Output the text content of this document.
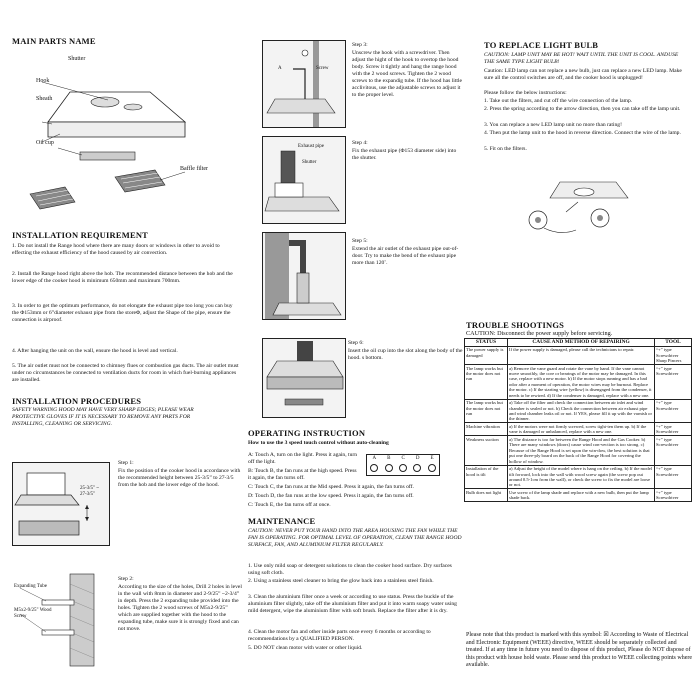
MAIN PARTS NAME
Shutter
Hook
Sheath
Oil cup
Baffle filter
INSTALLATION REQUIREMENT
1. Do not install the Range hood where there are many doors or windows in other to avoid to effecting the exhaust efficiency of the hood caused by air convection.
2. Install the Range hood right above the hob. The recommended distance between the hob and the lower edge of the cooker hood is minimum 650mm and maximum 700mm.
3. In order to get the optimum performance, do not elongate the exhaust pipe too long you can buy the Φ153mm or 6”diameter exhaust pipe from the storeΦ, adjust the Shape of the pipe, ensure the connection is airproof.
4. After hanging the unit on the wall, ensure the hood is level and vertical.
5. The air outlet must not be connected to chimney flues or combustion gas ducts. The air outlet must under no circumstances be connected to ventilation ducts for room in which fuel-burning appliances are installed.
INSTALLATION PROCEDURES
SAFETY WARNING HOOD MAY HAVE VERY SHARP EDGES; PLEASE WEAR PROTECTIVE GLOVES IF IT IS NECESSARY TO REMOVE ANY PARTS FOR INSTALLING, CLEANING OR SERVICING.
25-3/5" ~ 27-3/5"
Step 1:
Fix the position of the cooker hood in accordance with the recommended height between 25-3/5” to 27-3/5 from the hob and the lower edge of the hood.
Expanding Tube
M5x2-9/25" Wood Screw
Step 2:
According to the size of the holes, Drill 2 holes in level in the wall with 8mm in diameter and 2-9/25” ~2-3/4” in depth. Press the 2 expanding tube provided into the holes. Tighten the 2 wood screws of M5x2-9/25” which are supplied together with the hood to the expanding tube, make sure it is strongly fixed and can not move.
Screw
A
Step 3:
Unscrew the hook with a screwdriver. Then adjust the hight of the hook to overtop the hood body. Screw it tightly and hang the range hood with the 2 wood screws. Tighten the 2 wood screws to the expandig tube. If the hood has little acclivitous, use the adjustable screws to adjust it to the proper level.
Exhaust pipe
Shutter
Step 4:
Fix the exhaust pipe (Φ153 diameter side) into the shutter.
Step 5:
Extend the air outlet of the exhaust pipe out-of-door. Try to make the bend of the exhaust pipe more than 120˚.
Step 6:
Insert the oil cup into the slot along the body of the hood. s bottom.
OPERATING INSTRUCTION
How to use the 3 speed touch control without auto-cleaning
A: Touch A, turn on the light. Press it again, turn off the light.
B: Touch B, the fan runs at the high speed. Press it again, the fan turns off.
C: Touch C, the fan runs at the Mid speed. Press it again, the fan turns off.
D: Touch D, the fan runs at the low speed. Press it again, the fan turns off.
C: Touch E, the fan turns off at once.
A B C D E
MAINTENANCE
CAUTION: NEVER PUT YOUR HAND INTO THE AREA HOUSING THE FAN WHILE THE FAN IS OPERATING. FOR OPTIMAL LEVEL OF OPERATION, CLEAN THE RANGE HOOD SURFACE, FAN, AND ALUMINIUM FILTER REGULARLY.
1. Use only mild soap or detergent solutions to clean the cooker hood surface. Dry surfaces using soft cloth.
2. Using a stainless steel cleaner to bring the glow back into a stainless steel finish.
3. Clean the aluminium filter once a week or according to use status. Press the buckle of the aluminium filter slightly, take off the aluminium filter and put it into warm soapy water using mild detergent, wipe the aluminium filter with soft brush. Replace the filter after it is dry.
4. Clean the motor fan and other inside parts once every 6 months or according to recommendations by a QUALIFIED PERSON.
5. DO NOT clean motor with water or other liquid.
TO REPLACE LIGHT BULB
CAUTION: LAMP UNIT MAY BE HOT! WAIT UNTIL THE UNIT IS COOL. ANDUSE THE SAME TYPE LIGHT BULB!
Caution: LED lamp can not replace a new bulb, just can replace a new LED lamp. Make sure all the control switches are off, and the cooker hood is unplugged!
Please follow the below instructions:
1. Take out the filters, and cut off the wire connection of the lamp.
2. Press the spring according to the arrow direction, then you can take off the lamp unit.
3. You can replace a new LED lamp unit no more than rating!
4. Then put the lamp unit to the hood in reverse direction. Connect the wire of the lamp.
5. Fit on the filters.
TROUBLE SHOOTINGS
CAUTION: Disconnect the power supply before servicing.
STATUS	CAUSE AND METHOD OF REPAIRING	TOOL
The power supply is damaged	If the power supply is damaged, please call the technicians to repair.	“+” type Screwdriver Sharp Pincers
The lamp works but the motor does not run	a) Remove the vane guard and rotate the vane by hand. If the vane cannot move smoothly, the core or bearings of the motor may be damaged. In this case, replace with a new motor. b) If the motor stops running and has a bad odor after a moment of operation, the motor wires may be burnout. Replace the motor. c) If the starting wire (yellow) is disengaged from the condenser, it needs to be rewired. d) If the condenser is damaged, replace with a new one.	“+” type Screwdriver
The lamp works but the motor does not run	a) Take off the filter and check the connection between air inlet and wind chamber is sealed or not. b) Check the connection between air exhaust pipe and wind chamber leaks oil or not. If YES, please fill it up with the varnish or the thinner.	“+” type Screwdriver
Machine vibration	a) If the motors were not firmly screwed, screw tight-ten them up. b) If the vane is damaged or unbalanced, replace with a new one.	“+” type Screwdriver
Weakness suction	a) The distance is too far between the Range Hood and the Gas Cooker. b) There are many windows (doors) cause wind con-vection is too strong. c) Because of the Range Hood is set upon the win-dow, the best solution is that put one three-ply board on the back of the Range Hood for covering the hollow of window.	“+” type Screwdriver
Installation of the hood is tilt	a) Adjust the height of the model where is hang on the ceiling. b) If the model tilt forward, lock into the wall with wood screw again (the screw pop out around 0.5-1cm from the wall), or check the screw to fix the model are loose or not.	“+” type Screwdriver
Bulb does not light	Use screw of the lamp shade and replace with a new bulb, then put the lamp shade back.	“+” type Screwdriver
Please note that this product is marked with this symbol: ☒ According to Waste of Electrical and Electronic Equipment (WEEE) directive, WEEE should be separately collected and treated. If at any time in future you need to dispose of this product, Please do NOT dispose of this product with house hold waste. Please send this product to WEEE collecting points where available.
